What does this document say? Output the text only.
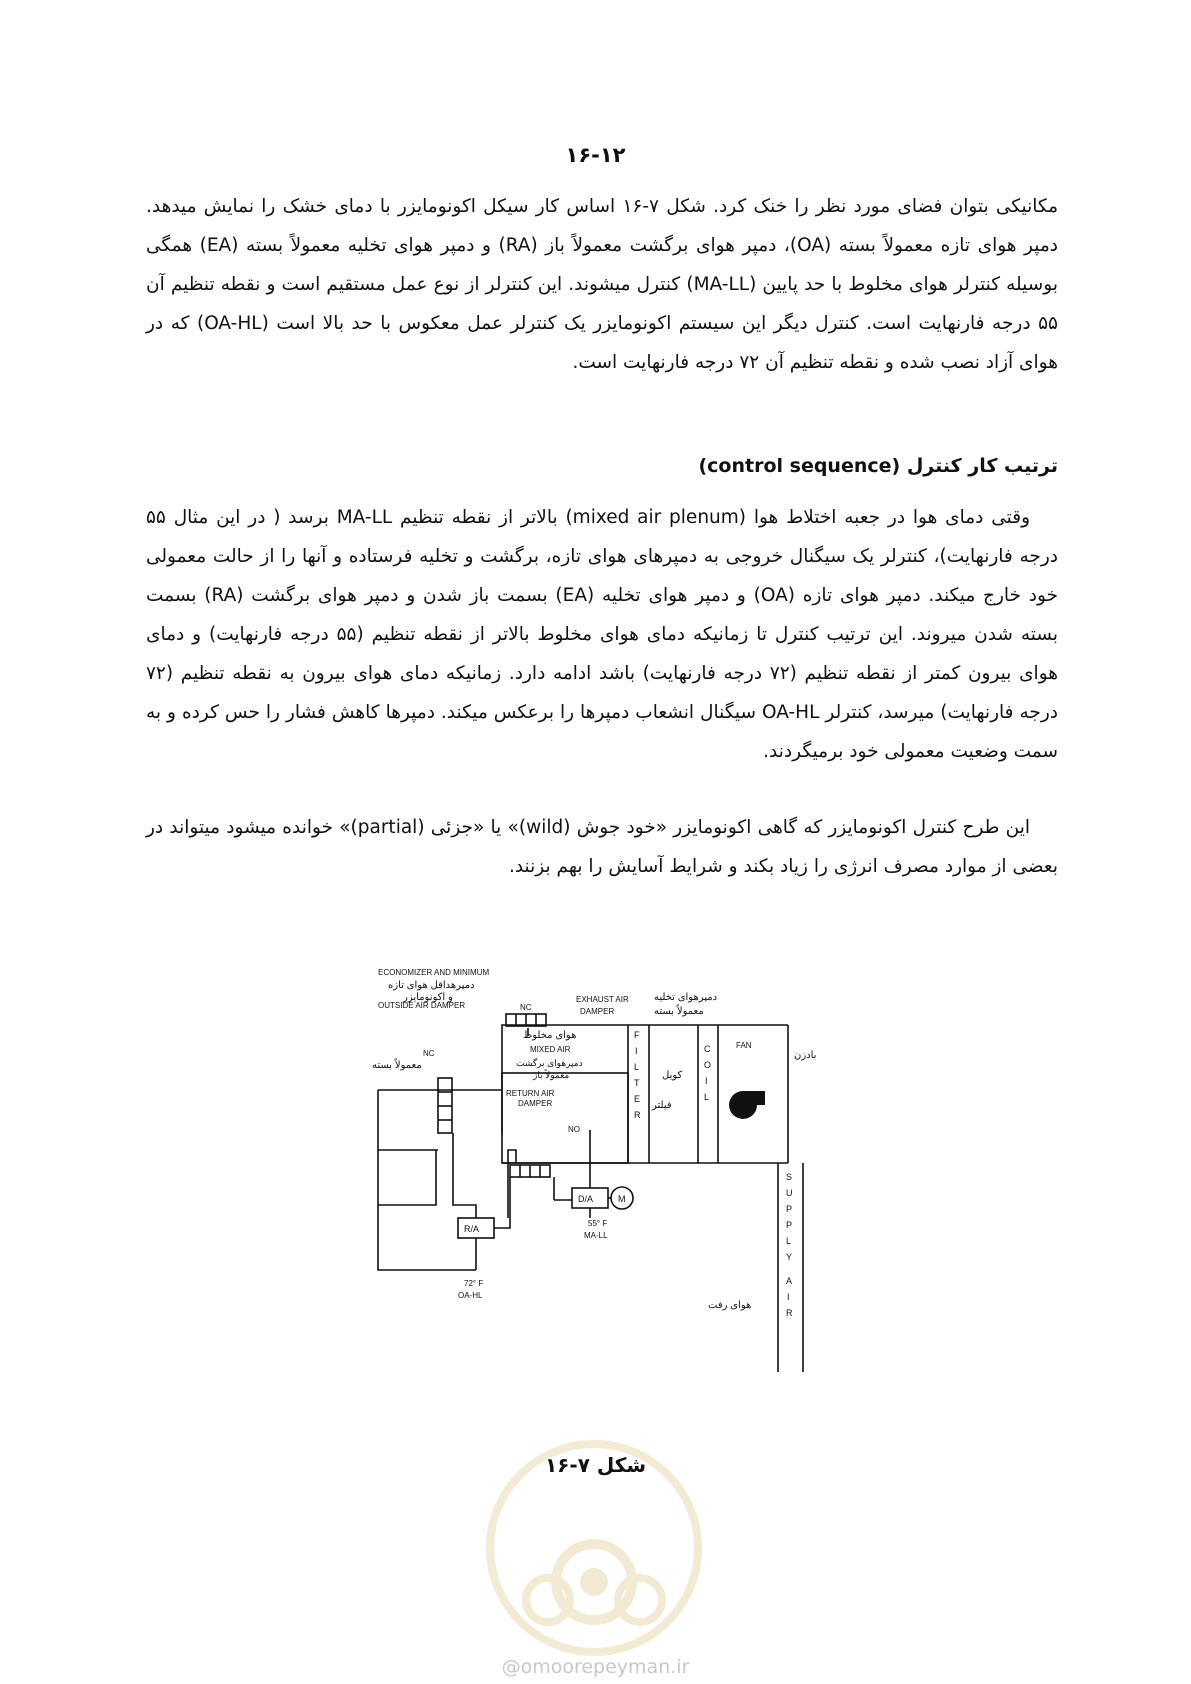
۱۶-۱۲

مکانیکی بتوان فضای مورد نظر را خنک کرد. شکل ۷-۱۶ اساس کار سیکل اکونومایزر با دمای خشک را نمایش میدهد. دمپر هوای تازه معمولاً بسته (OA)، دمپر هوای برگشت معمولاً باز (RA) و دمپر هوای تخلیه معمولاً بسته (EA) همگی بوسیله کنترلر هوای مخلوط با حد پایین (MA-LL) کنترل میشوند. این کنترلر از نوع عمل مستقیم است و نقطه تنظیم آن ۵۵ درجه فارنهایت است. کنترل دیگر این سیستم اکونومایزر یک کنترلر عمل معکوس با حد بالا است (OA-HL) که در هوای آزاد نصب شده و نقطه تنظیم آن ۷۲ درجه فارنهایت است.

ترتیب کار کنترل (control sequence)

وقتی دمای هوا در جعبه اختلاط هوا (mixed air plenum) بالاتر از نقطه تنظیم MA-LL برسد ( در این مثال ۵۵ درجه فارنهایت)، کنترلر یک سیگنال خروجی به دمپرهای هوای تازه، برگشت و تخلیه فرستاده و آنها را از حالت معمولی خود خارج میکند. دمپر هوای تازه (OA) و دمپر هوای تخلیه (EA) بسمت باز شدن و دمپر هوای برگشت (RA) بسمت بسته شدن میروند. این ترتیب کنترل تا زمانیکه دمای هوای مخلوط بالاتر از نقطه تنظیم (۵۵ درجه فارنهایت) و دمای هوای بیرون کمتر از نقطه تنظیم (۷۲ درجه فارنهایت) باشد ادامه دارد. زمانیکه دمای هوای بیرون به نقطه تنظیم (۷۲ درجه فارنهایت) میرسد، کنترلر OA-HL سیگنال انشعاب دمپرها را برعکس میکند. دمپرها کاهش فشار را حس کرده و به سمت وضعیت معمولی خود برمیگردند.

این طرح کنترل اکونومایزر که گاهی اکونومایزر «خود جوش (wild)» یا «جزئی (partial)» خوانده میشود میتواند در بعضی از موارد مصرف انرژی را زیاد بکند و شرایط آسایش را بهم بزنند.

دمپرهداقل هوای تازه
و اکونومایزر
ECONOMIZER AND MINIMUM
OUTSIDE AIR DAMPER	NC
EXHAUST AIR
DAMPER
دمپرهوای تخلیه
معمولاً بسته
NC
معمولاً بسته
هوای مخلوط
MIXED AIR
دمپرهوای برگشت
معمولاً باز
RETURN AIR
DAMPER
F
I
L
T
E
R
فیلتر
کویل
C
O
I
L
FAN
بادزن
NO
R/A
D/A	M
72° F
OA-HL
55° F
MA-LL
S
U
P
P
L
Y
A
I
R
هوای رفت
شکل ۷-۱۶
@omoorepeyman.ir
